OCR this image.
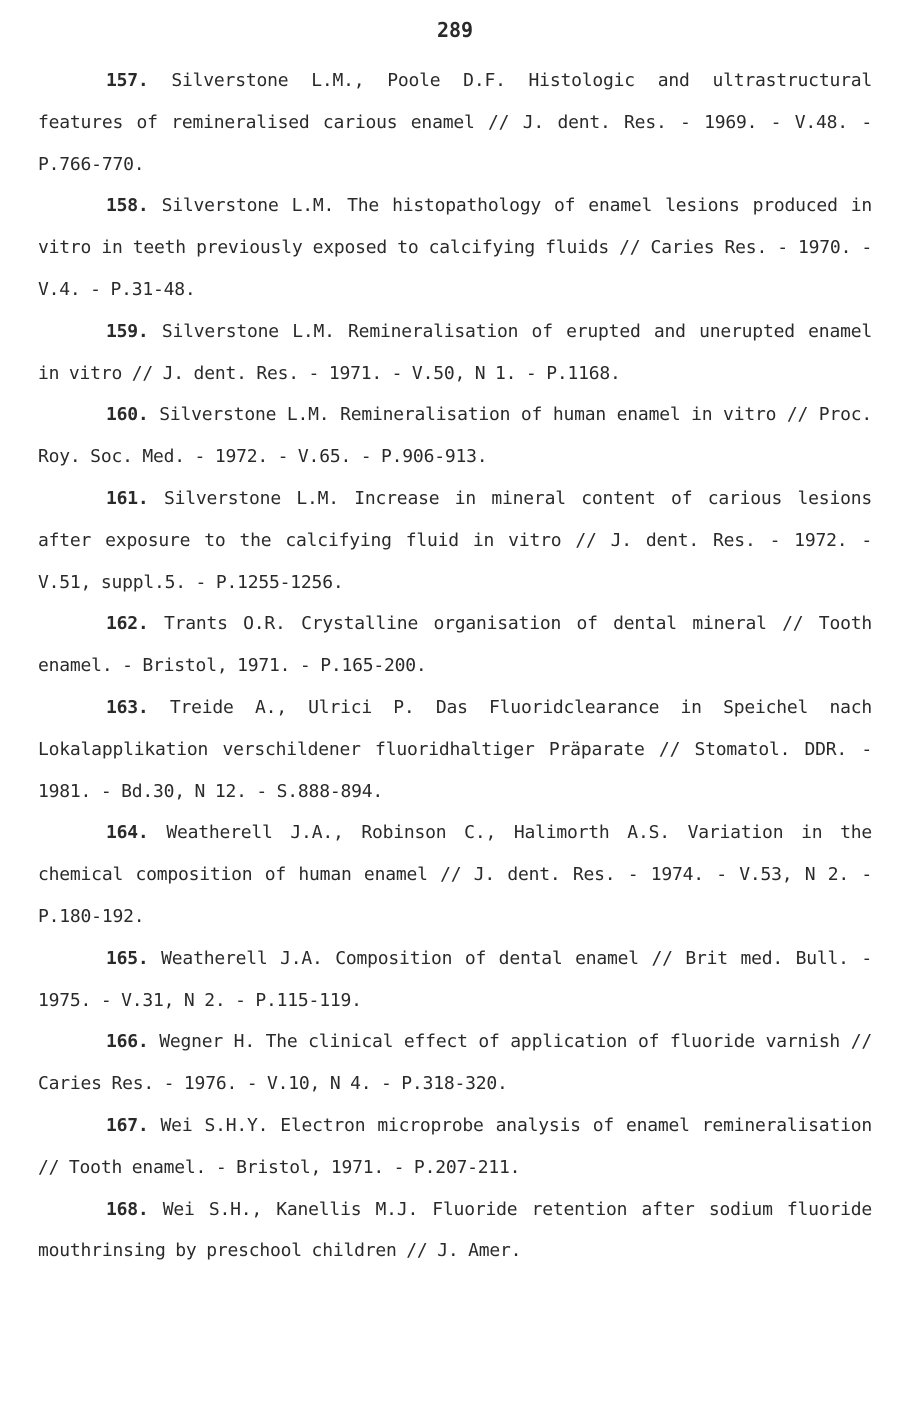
289
157. Silverstone L.M., Poole D.F. Histologic and ultrastructural features of remineralised carious enamel // J. dent. Res. - 1969. - V.48. - P.766-770.
158. Silverstone L.M. The histopathology of enamel lesions produced in vitro in teeth previously exposed to calcifying fluids // Caries Res. - 1970. - V.4. - P.31-48.
159. Silverstone L.M. Remineralisation of erupted and unerupted enamel in vitro // J. dent. Res. - 1971. - V.50, N 1. - P.1168.
160. Silverstone L.M. Remineralisation of human enamel in vitro // Proc. Roy. Soc. Med. - 1972. - V.65. - P.906-913.
161. Silverstone L.M. Increase in mineral content of carious lesions after exposure to the calcifying fluid in vitro // J. dent. Res. - 1972. - V.51, suppl.5. - P.1255-1256.
162. Trants O.R. Crystalline organisation of dental mineral // Tooth enamel. - Bristol, 1971. - P.165-200.
163. Treide A., Ulrici P. Das Fluoridclearance in Speichel nach Lokalapplikation verschildener fluoridhaltiger Präparate // Stomatol. DDR. - 1981. - Bd.30, N 12. - S.888-894.
164. Weatherell J.A., Robinson C., Halimorth A.S. Variation in the chemical composition of human enamel // J. dent. Res. - 1974. - V.53, N 2. - P.180-192.
165. Weatherell J.A. Composition of dental enamel // Brit med. Bull. - 1975. - V.31, N 2. - P.115-119.
166. Wegner H. The clinical effect of application of fluoride varnish // Caries Res. - 1976. - V.10, N 4. - P.318-320.
167. Wei S.H.Y. Electron microprobe analysis of enamel remineralisation // Tooth enamel. - Bristol, 1971. - P.207-211.
168. Wei S.H., Kanellis M.J. Fluoride retention after sodium fluoride mouthrinsing by preschool children // J. Amer.
